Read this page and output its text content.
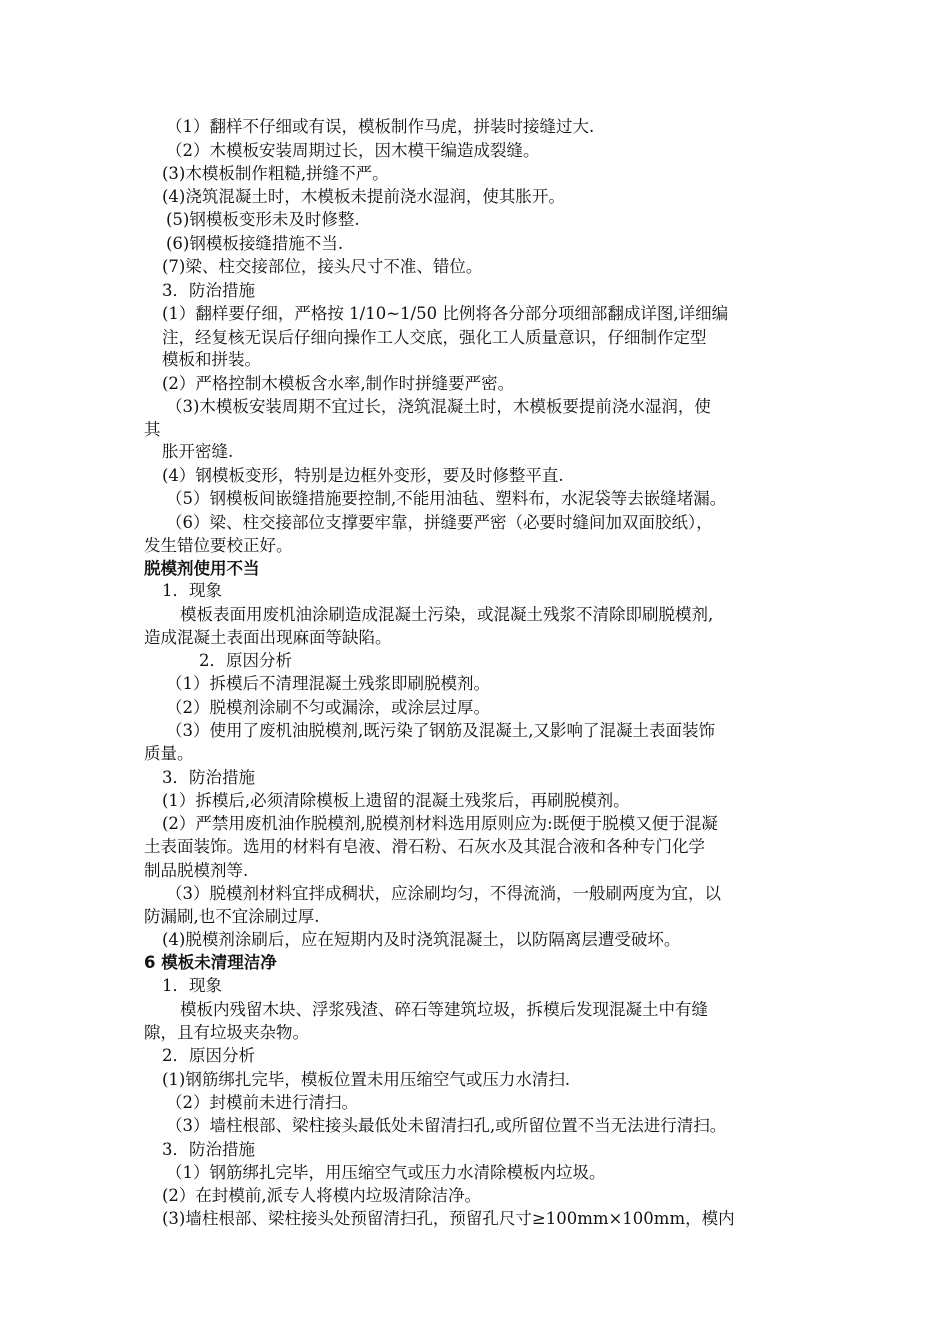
（1）翻样不仔细或有误，模板制作马虎，拼装时接缝过大.
（2）木模板安装周期过长，因木模干编造成裂缝。
(3)木模板制作粗糙,拼缝不严。
(4)浇筑混凝土时，木模板未提前浇水湿润，使其胀开。
(5)钢模板变形未及时修整.
(6)钢模板接缝措施不当.
(7)梁、柱交接部位，接头尺寸不准、错位。
3．防治措施
(1）翻样要仔细，严格按 1/10~1/50 比例将各分部分项细部翻成详图,详细编
注，经复核无误后仔细向操作工人交底，强化工人质量意识，仔细制作定型
模板和拼装。
(2）严格控制木模板含水率,制作时拼缝要严密。
（3)木模板安装周期不宜过长，浇筑混凝土时，木模板要提前浇水湿润，使
其
胀开密缝.
(4）钢模板变形，特别是边框外变形，要及时修整平直.
（5）钢模板间嵌缝措施要控制,不能用油毡、塑料布，水泥袋等去嵌缝堵漏。
（6）梁、柱交接部位支撑要牢靠，拼缝要严密（必要时缝间加双面胶纸），
发生错位要校正好。
脱模剂使用不当
1．现象
模板表面用废机油涂刷造成混凝土污染，或混凝土残浆不清除即刷脱模剂,
造成混凝土表面出现麻面等缺陷。
2．原因分析
（1）拆模后不清理混凝土残浆即刷脱模剂。
（2）脱模剂涂刷不匀或漏涂，或涂层过厚。
（3）使用了废机油脱模剂,既污染了钢筋及混凝土,又影响了混凝土表面装饰
质量。
3．防治措施
(1）拆模后,必须清除模板上遗留的混凝土残浆后，再刷脱模剂。
(2）严禁用废机油作脱模剂,脱模剂材料选用原则应为:既便于脱模又便于混凝
土表面装饰。选用的材料有皂液、滑石粉、石灰水及其混合液和各种专门化学
制品脱模剂等.
（3）脱模剂材料宜拌成稠状，应涂刷均匀，不得流淌，一般刷两度为宜，以
防漏刷,也不宜涂刷过厚.
(4)脱模剂涂刷后，应在短期内及时浇筑混凝土，以防隔离层遭受破坏。
6 模板未清理洁净
1．现象
模板内残留木块、浮浆残渣、碎石等建筑垃圾，拆模后发现混凝土中有缝
隙，且有垃圾夹杂物。
2．原因分析
(1)钢筋绑扎完毕，模板位置未用压缩空气或压力水清扫.
（2）封模前未进行清扫。
（3）墙柱根部、梁柱接头最低处未留清扫孔,或所留位置不当无法进行清扫。
3．防治措施
（1）钢筋绑扎完毕，用压缩空气或压力水清除模板内垃圾。
(2）在封模前,派专人将模内垃圾清除洁净。
(3)墙柱根部、梁柱接头处预留清扫孔，预留孔尺寸≥100mm×100mm，模内
